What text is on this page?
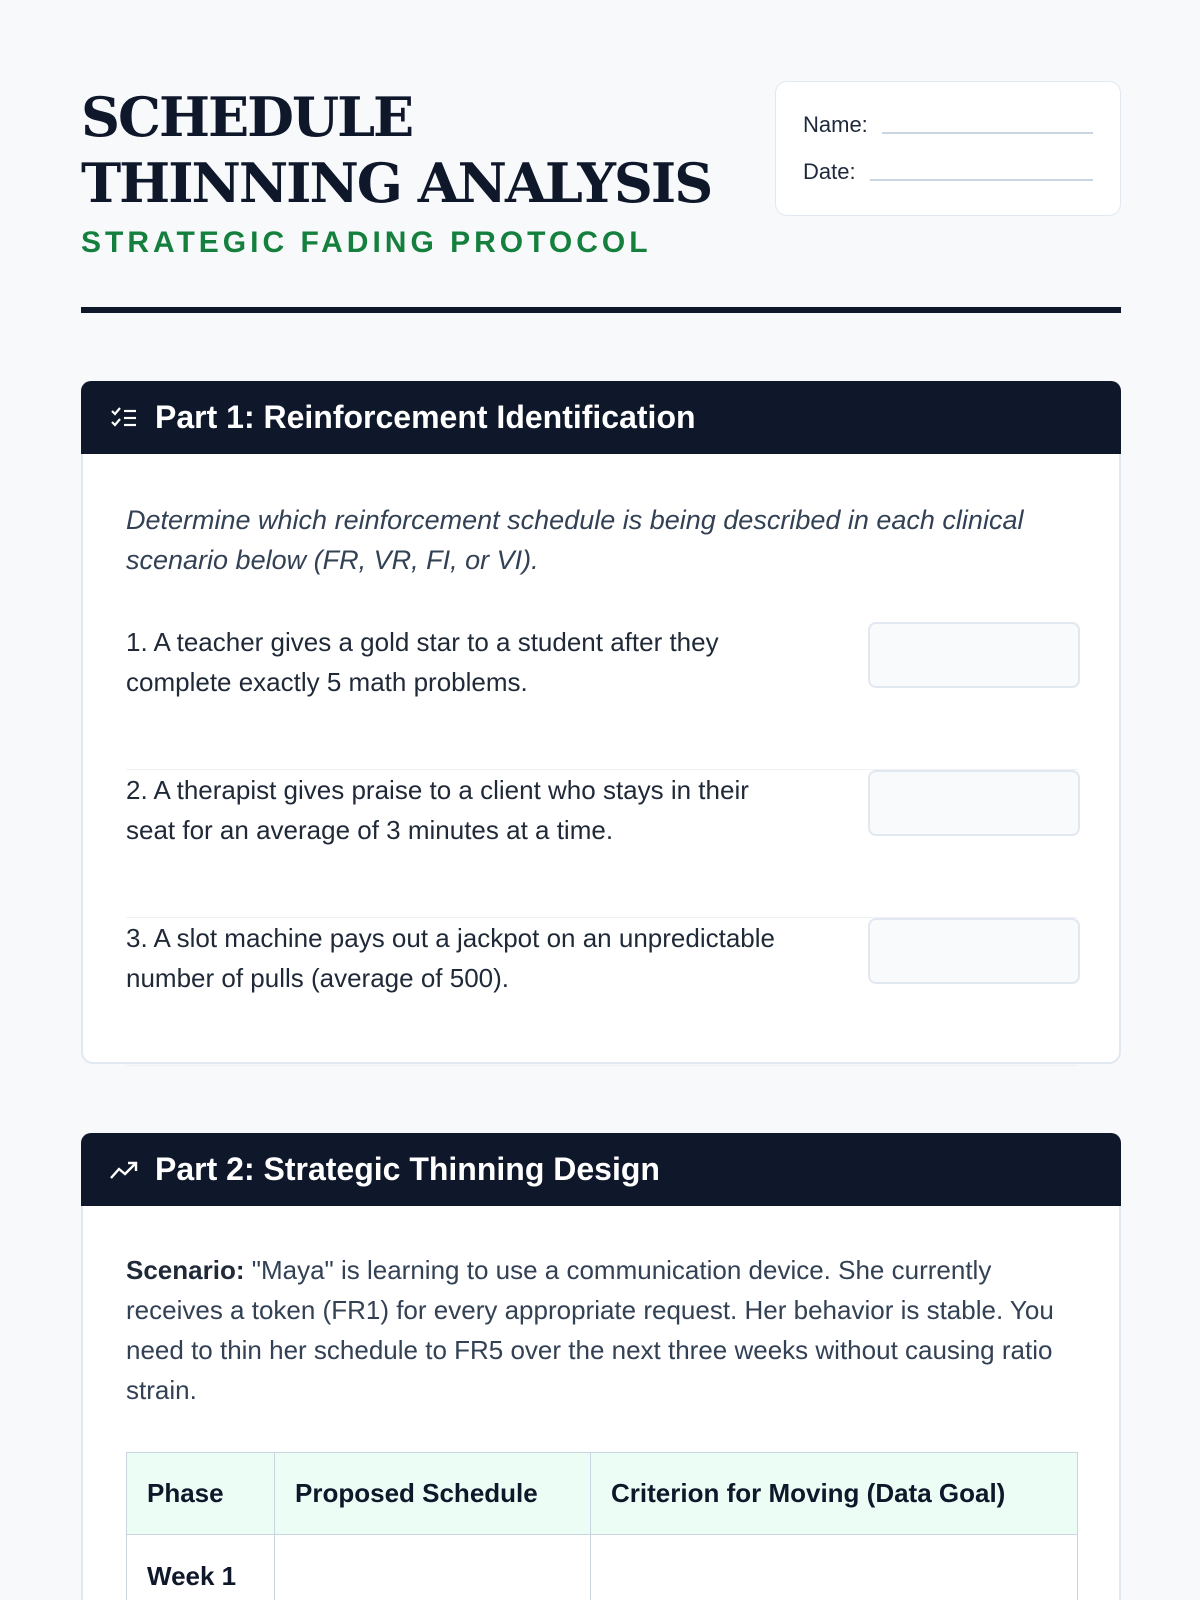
SCHEDULE THINNING ANALYSIS
STRATEGIC FADING PROTOCOL
Name:
Date:
Part 1: Reinforcement Identification

Determine which reinforcement schedule is being described in each clinical scenario below (FR, VR, FI, or VI).

1. A teacher gives a gold star to a student after they complete exactly 5 math problems.

2. A therapist gives praise to a client who stays in their seat for an average of 3 minutes at a time.

3. A slot machine pays out a jackpot on an unpredictable number of pulls (average of 500).

Part 2: Strategic Thinning Design

Scenario: "Maya" is learning to use a communication device. She currently receives a token (FR1) for every appropriate request. Her behavior is stable. You need to thin her schedule to FR5 over the next three weeks without causing ratio strain.

Phase	Proposed Schedule	Criterion for Moving (Data Goal)
Week 1		
